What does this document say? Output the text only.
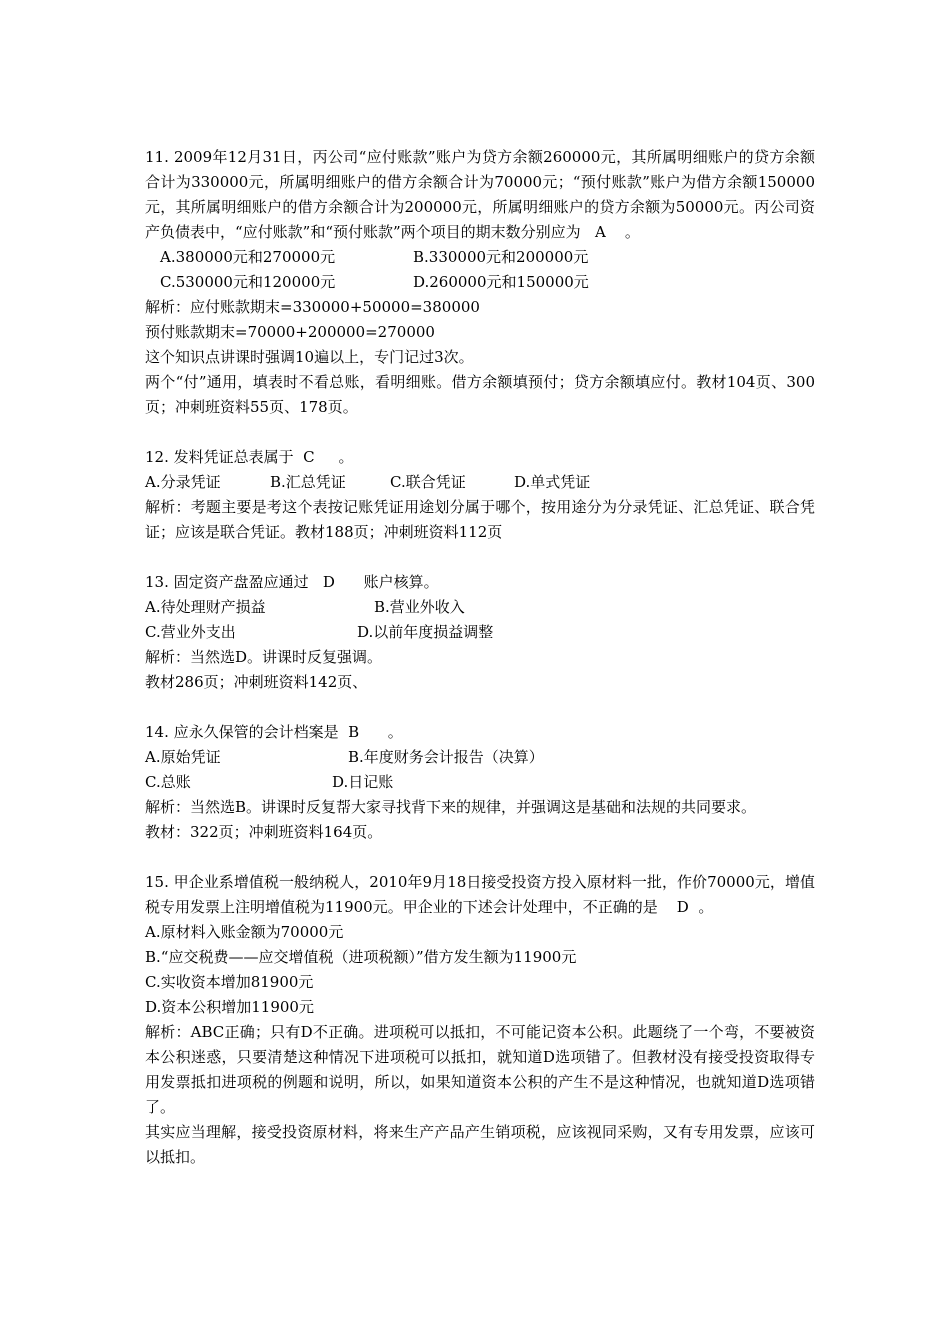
11. 2009年12月31日，丙公司“应付账款”账户为贷方余额260000元，其所属明细账户的贷方余额合计为330000元，所属明细账户的借方余额合计为70000元；“预付账款”账户为借方余额150000元，其所属明细账户的借方余额合计为200000元，所属明细账户的贷方余额为50000元。丙公司资产负债表中，“应付账款”和“预付账款”两个项目的期末数分别应为   A    。

A.380000元和270000元	B.330000元和200000元
C.530000元和120000元	D.260000元和150000元

解析：应付账款期末=330000+50000=380000

预付账款期末=70000+200000=270000

这个知识点讲课时强调10遍以上，专门记过3次。

两个“付”通用，填表时不看总账，看明细账。借方余额填预付；贷方余额填应付。教材104页、300页；冲刺班资料55页、178页。

12. 发料凭证总表属于  C     。

A.分录凭证	B.汇总凭证	C.联合凭证	D.单式凭证

解析：考题主要是考这个表按记账凭证用途划分属于哪个，按用途分为分录凭证、汇总凭证、联合凭证；应该是联合凭证。教材188页；冲刺班资料112页

13. 固定资产盘盈应通过   D      账户核算。

A.待处理财产损益	B.营业外收入
C.营业外支出	D.以前年度损益调整

解析：当然选D。讲课时反复强调。

教材286页；冲刺班资料142页、

14. 应永久保管的会计档案是  B      。

A.原始凭证	B.年度财务会计报告（决算）
C.总账	D.日记账

解析：当然选B。讲课时反复帮大家寻找背下来的规律，并强调这是基础和法规的共同要求。

教材：322页；冲刺班资料164页。

15. 甲企业系增值税一般纳税人，2010年9月18日接受投资方投入原材料一批，作价70000元，增值税专用发票上注明增值税为11900元。甲企业的下述会计处理中，不正确的是    D  。

A.原材料入账金额为70000元

B.“应交税费——应交增值税（进项税额）”借方发生额为11900元

C.实收资本增加81900元

D.资本公积增加11900元

解析：ABC正确；只有D不正确。进项税可以抵扣，不可能记资本公积。此题绕了一个弯，不要被资本公积迷惑，只要清楚这种情况下进项税可以抵扣，就知道D选项错了。但教材没有接受投资取得专用发票抵扣进项税的例题和说明，所以，如果知道资本公积的产生不是这种情况，也就知道D选项错了。

其实应当理解，接受投资原材料，将来生产产品产生销项税，应该视同采购，又有专用发票，应该可以抵扣。
